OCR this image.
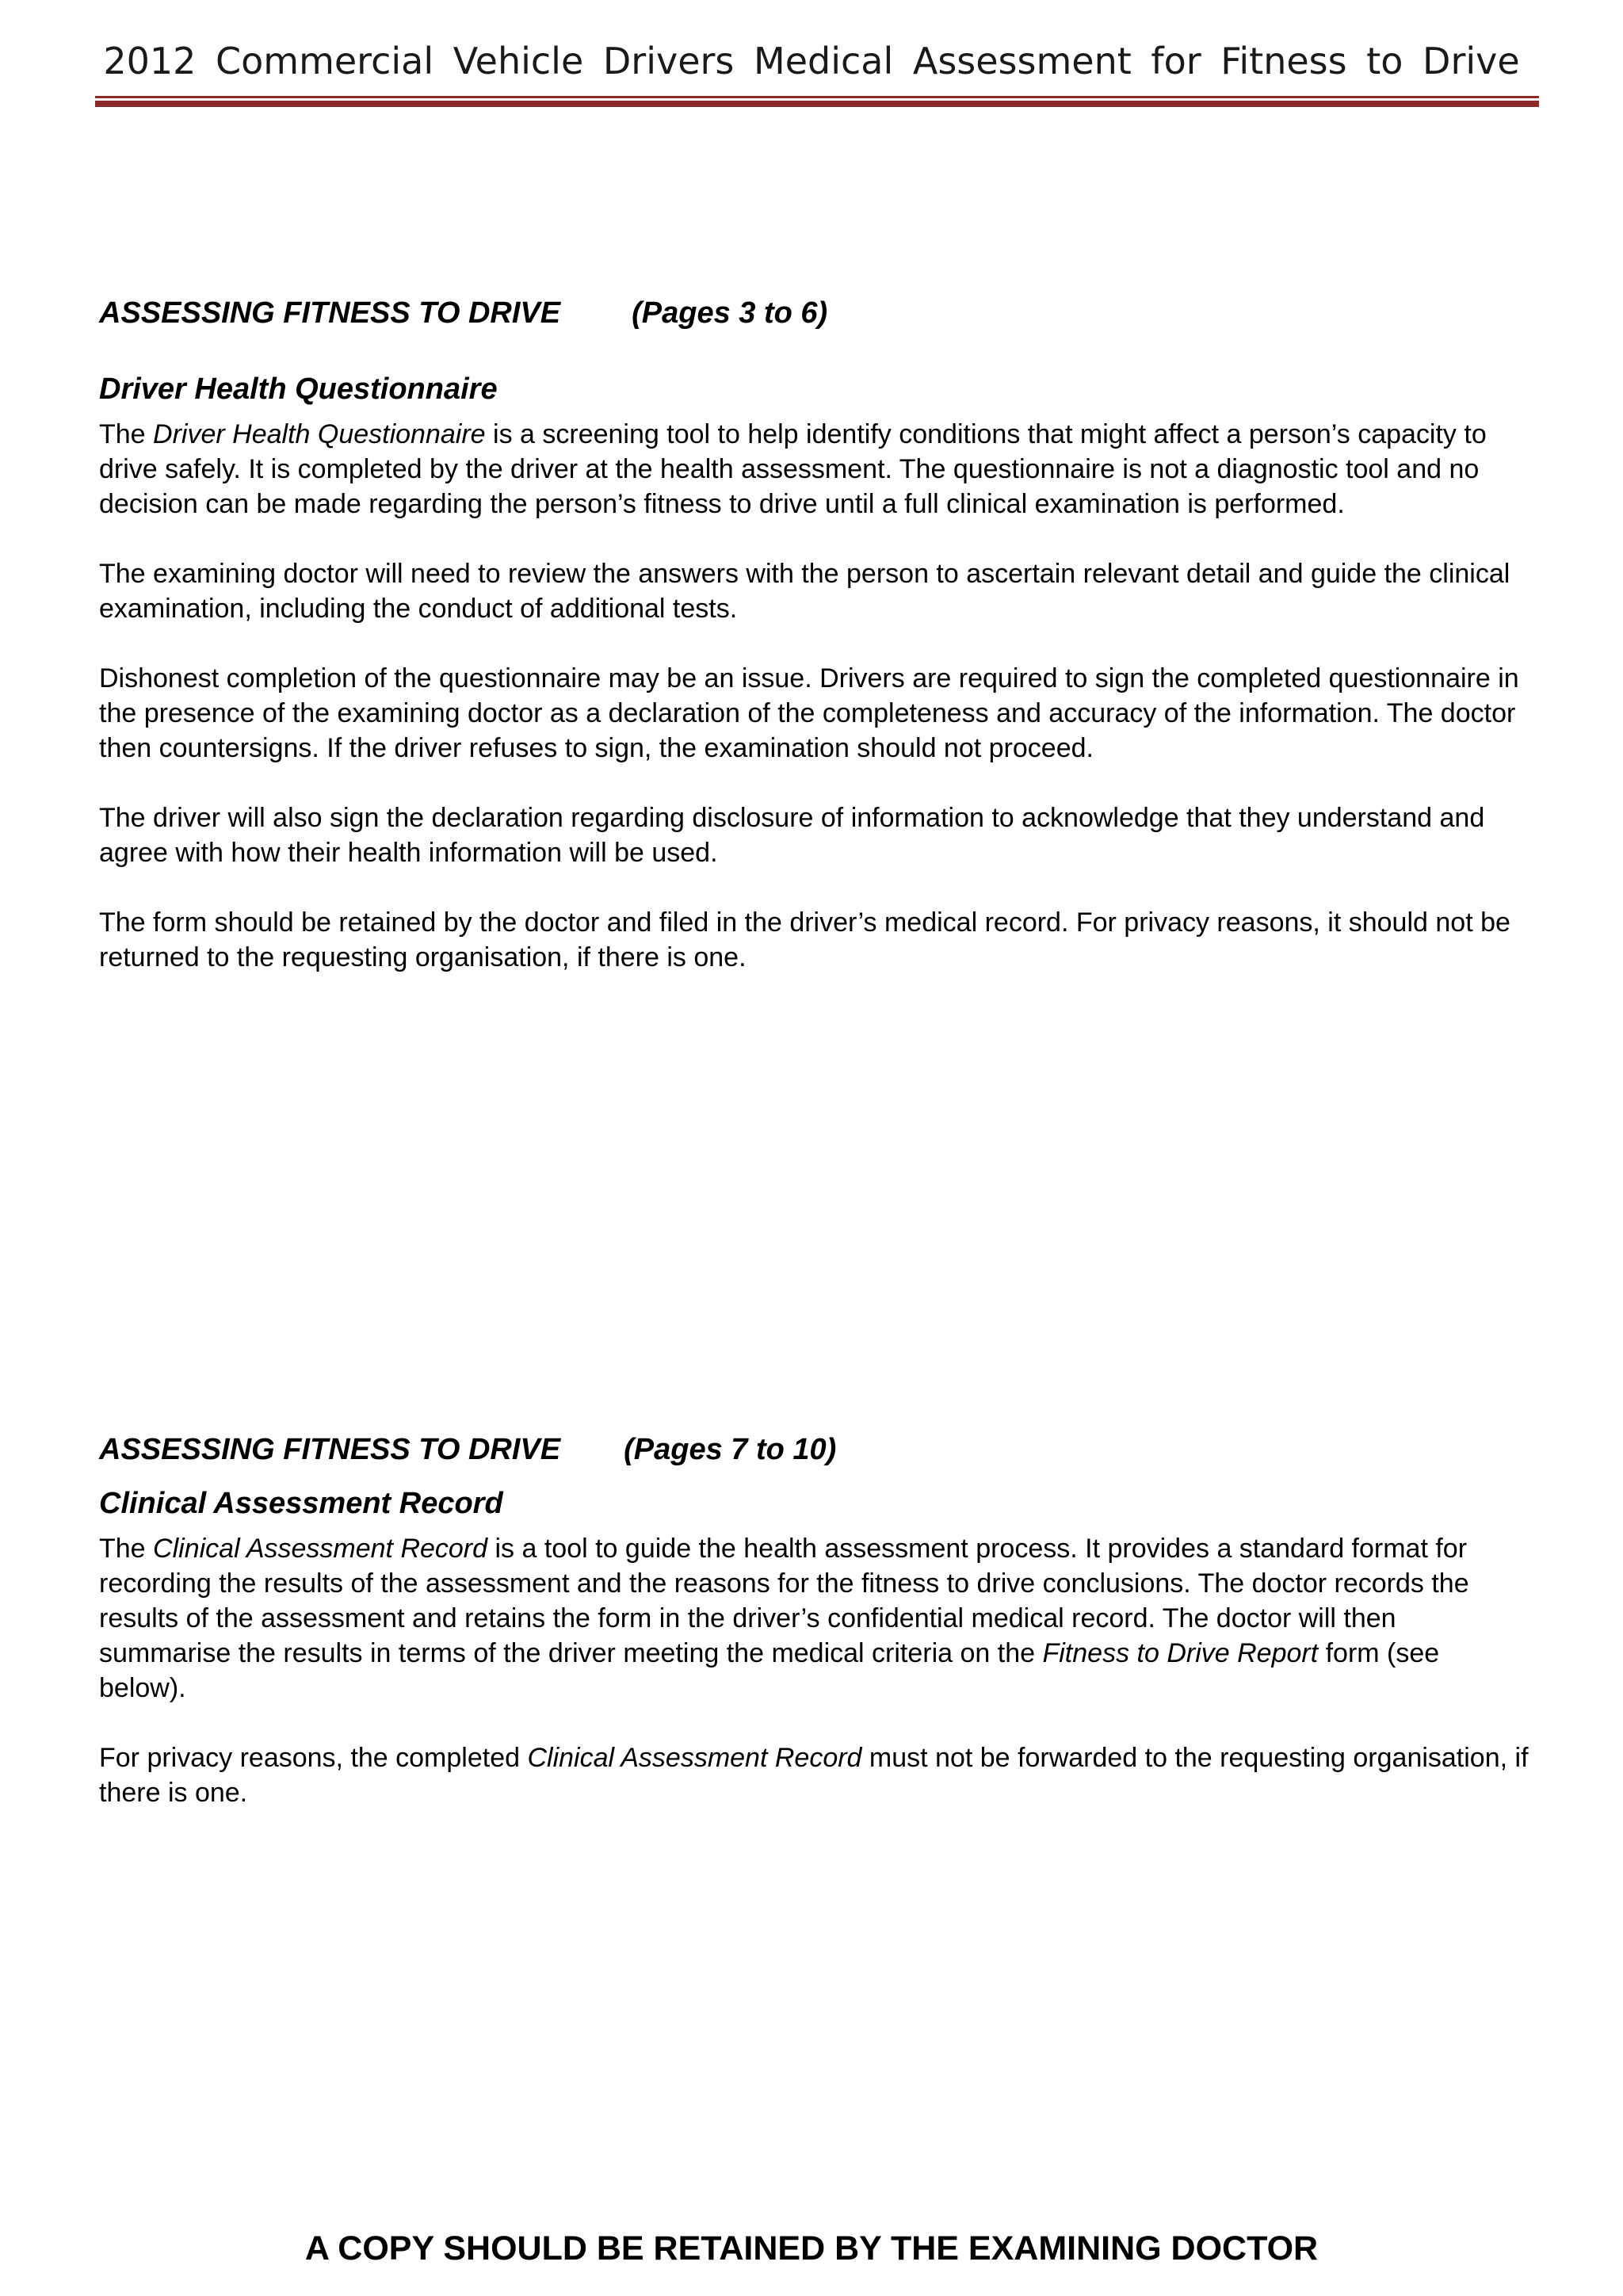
2012 Commercial Vehicle Drivers Medical Assessment for Fitness to Drive
ASSESSING FITNESS TO DRIVE (Pages 3 to 6)
Driver Health Questionnaire

The Driver Health Questionnaire is a screening tool to help identify conditions that might affect a person’s capacity to drive safely. It is completed by the driver at the health assessment. The questionnaire is not a diagnostic tool and no decision can be made regarding the person’s fitness to drive until a full clinical examination is performed.

The examining doctor will need to review the answers with the person to ascertain relevant detail and guide the clinical examination, including the conduct of additional tests.

Dishonest completion of the questionnaire may be an issue. Drivers are required to sign the completed questionnaire in the presence of the examining doctor as a declaration of the completeness and accuracy of the information. The doctor then countersigns. If the driver refuses to sign, the examination should not proceed.

The driver will also sign the declaration regarding disclosure of information to acknowledge that they understand and agree with how their health information will be used.

The form should be retained by the doctor and filed in the driver’s medical record. For privacy reasons, it should not be returned to the requesting organisation, if there is one.

ASSESSING FITNESS TO DRIVE (Pages 7 to 10)
Clinical Assessment Record

The Clinical Assessment Record is a tool to guide the health assessment process. It provides a standard format for recording the results of the assessment and the reasons for the fitness to drive conclusions. The doctor records the results of the assessment and retains the form in the driver’s confidential medical record. The doctor will then summarise the results in terms of the driver meeting the medical criteria on the Fitness to Drive Report form (see below).

For privacy reasons, the completed Clinical Assessment Record must not be forwarded to the requesting organisation, if there is one.

A COPY SHOULD BE RETAINED BY THE EXAMINING DOCTOR
